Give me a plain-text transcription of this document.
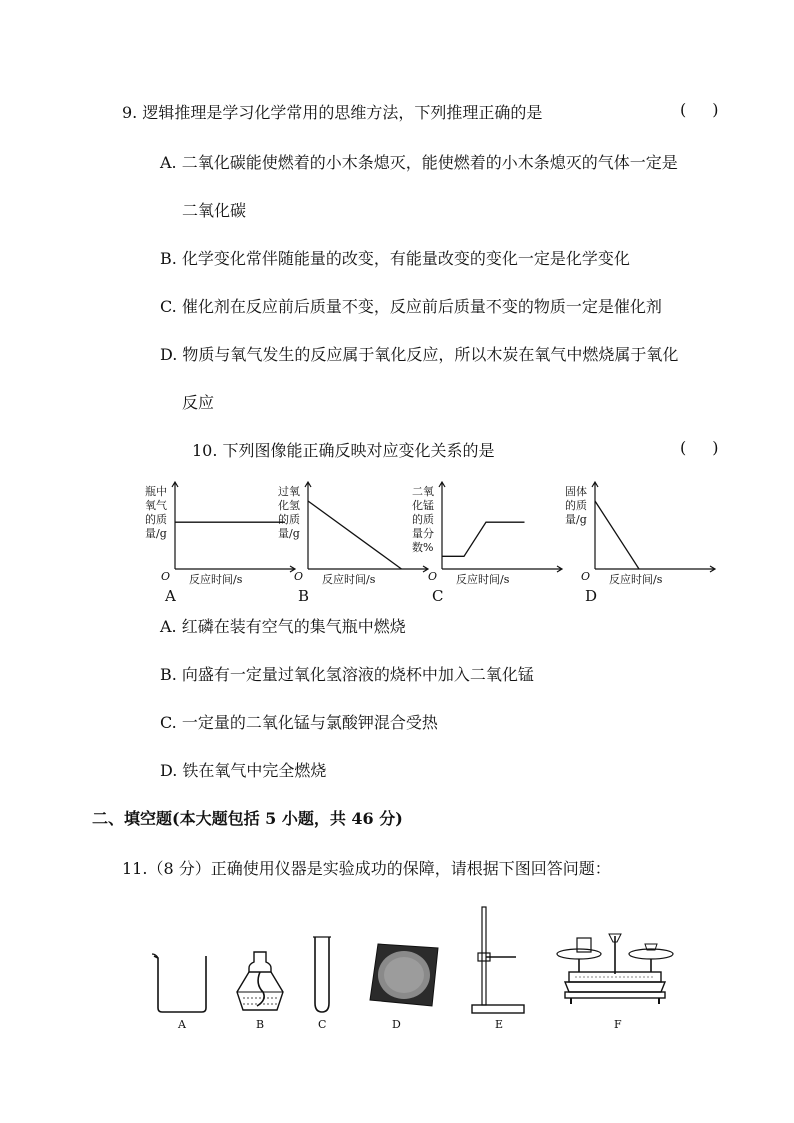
9. 逻辑推理是学习化学常用的思维方法，下列推理正确的是	()
A. 二氧化碳能使燃着的小木条熄灭，能使燃着的小木条熄灭的气体一定是
二氧化碳
B. 化学变化常伴随能量的改变，有能量改变的变化一定是化学变化
C. 催化剂在反应前后质量不变，反应前后质量不变的物质一定是催化剂
D. 物质与氧气发生的反应属于氧化反应，所以木炭在氧气中燃烧属于氧化
反应
10. 下列图像能正确反映对应变化关系的是	()
瓶中
氧气
的质
量/g
O 反应时间/s
A
过氧
化氢
的质
量/g
O 反应时间/s
B
二氧
化锰
的质
量分
数%
O 反应时间/s
C
固体
的质
量/g
O 反应时间/s
D
A. 红磷在装有空气的集气瓶中燃烧
B. 向盛有一定量过氧化氢溶液的烧杯中加入二氧化锰
C. 一定量的二氧化锰与氯酸钾混合受热
D. 铁在氧气中完全燃烧
二、填空题(本大题包括 5 小题，共 46 分)
11.（8 分）正确使用仪器是实验成功的保障，请根据下图回答问题：
A	B	C	D	E	F
